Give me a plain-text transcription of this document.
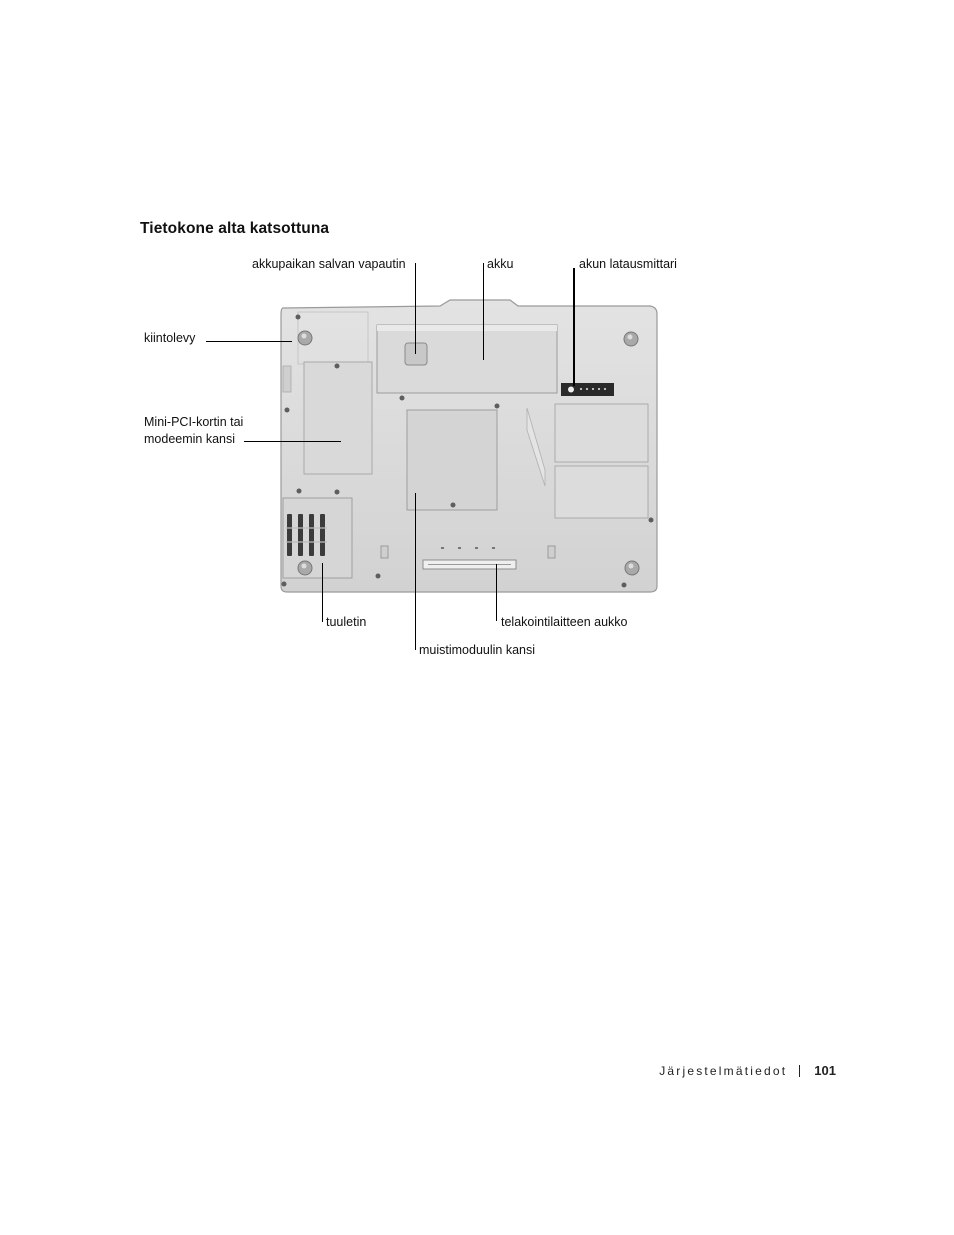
Tietokone alta katsottuna
akkupaikan salvan vapautin	akku	akun latausmittari
kiintolevy
Mini-PCI-kortin tai
modeemin kansi
tuuletin	telakointilaitteen aukko
muistimoduulin kansi
Järjestelmätiedot 101
